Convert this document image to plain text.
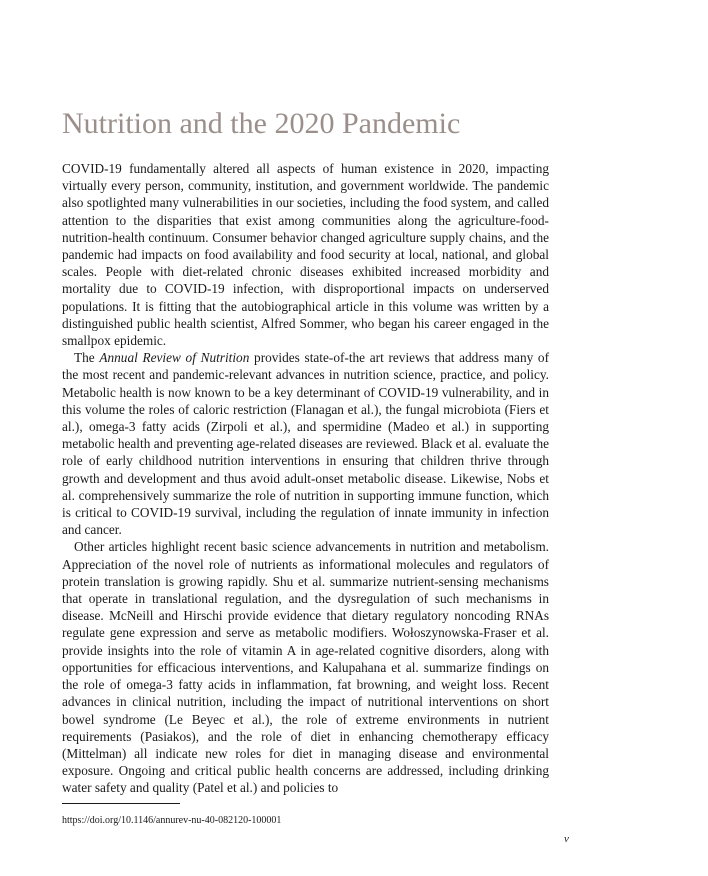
Nutrition and the 2020 Pandemic

COVID-19 fundamentally altered all aspects of human existence in 2020, impacting virtually every person, community, institution, and government worldwide. The pandemic also spotlighted many vulnerabilities in our societies, including the food system, and called attention to the disparities that exist among communities along the agriculture-food-nutrition-health continuum. Consumer behavior changed agriculture supply chains, and the pandemic had impacts on food availability and food security at local, national, and global scales. People with diet-related chronic diseases exhibited increased morbidity and mortality due to COVID-19 infection, with disproportional impacts on underserved populations. It is fitting that the autobiographical article in this volume was written by a distinguished public health scientist, Alfred Sommer, who began his career engaged in the smallpox epidemic.

The Annual Review of Nutrition provides state-of-the art reviews that address many of the most recent and pandemic-relevant advances in nutrition science, practice, and policy. Metabolic health is now known to be a key determinant of COVID-19 vulnerability, and in this volume the roles of caloric restriction (Flanagan et al.), the fungal microbiota (Fiers et al.), omega-3 fatty acids (Zirpoli et al.), and spermidine (Madeo et al.) in supporting metabolic health and preventing age-related diseases are reviewed. Black et al. evaluate the role of early childhood nutrition interventions in ensuring that children thrive through growth and development and thus avoid adult-onset metabolic disease. Likewise, Nobs et al. comprehensively summarize the role of nutrition in supporting immune function, which is critical to COVID-19 survival, including the regulation of innate immunity in infection and cancer.

Other articles highlight recent basic science advancements in nutrition and metabolism. Appreciation of the novel role of nutrients as informational molecules and regulators of protein translation is growing rapidly. Shu et al. summarize nutrient-sensing mechanisms that operate in translational regulation, and the dysregulation of such mechanisms in disease. McNeill and Hirschi provide evidence that dietary regulatory noncoding RNAs regulate gene expression and serve as metabolic modifiers. Wołoszynowska-Fraser et al. provide insights into the role of vitamin A in age-related cognitive disorders, along with opportunities for efficacious interventions, and Kalupahana et al. summarize findings on the role of omega-3 fatty acids in inflammation, fat browning, and weight loss. Recent advances in clinical nutrition, including the impact of nutritional interventions on short bowel syndrome (Le Beyec et al.), the role of extreme environments in nutrient requirements (Pasiakos), and the role of diet in enhancing chemotherapy efficacy (Mittelman) all indicate new roles for diet in managing disease and environmental exposure. Ongoing and critical public health concerns are addressed, including drinking water safety and quality (Patel et al.) and policies to

https://doi.org/10.1146/annurev-nu-40-082120-100001
v
